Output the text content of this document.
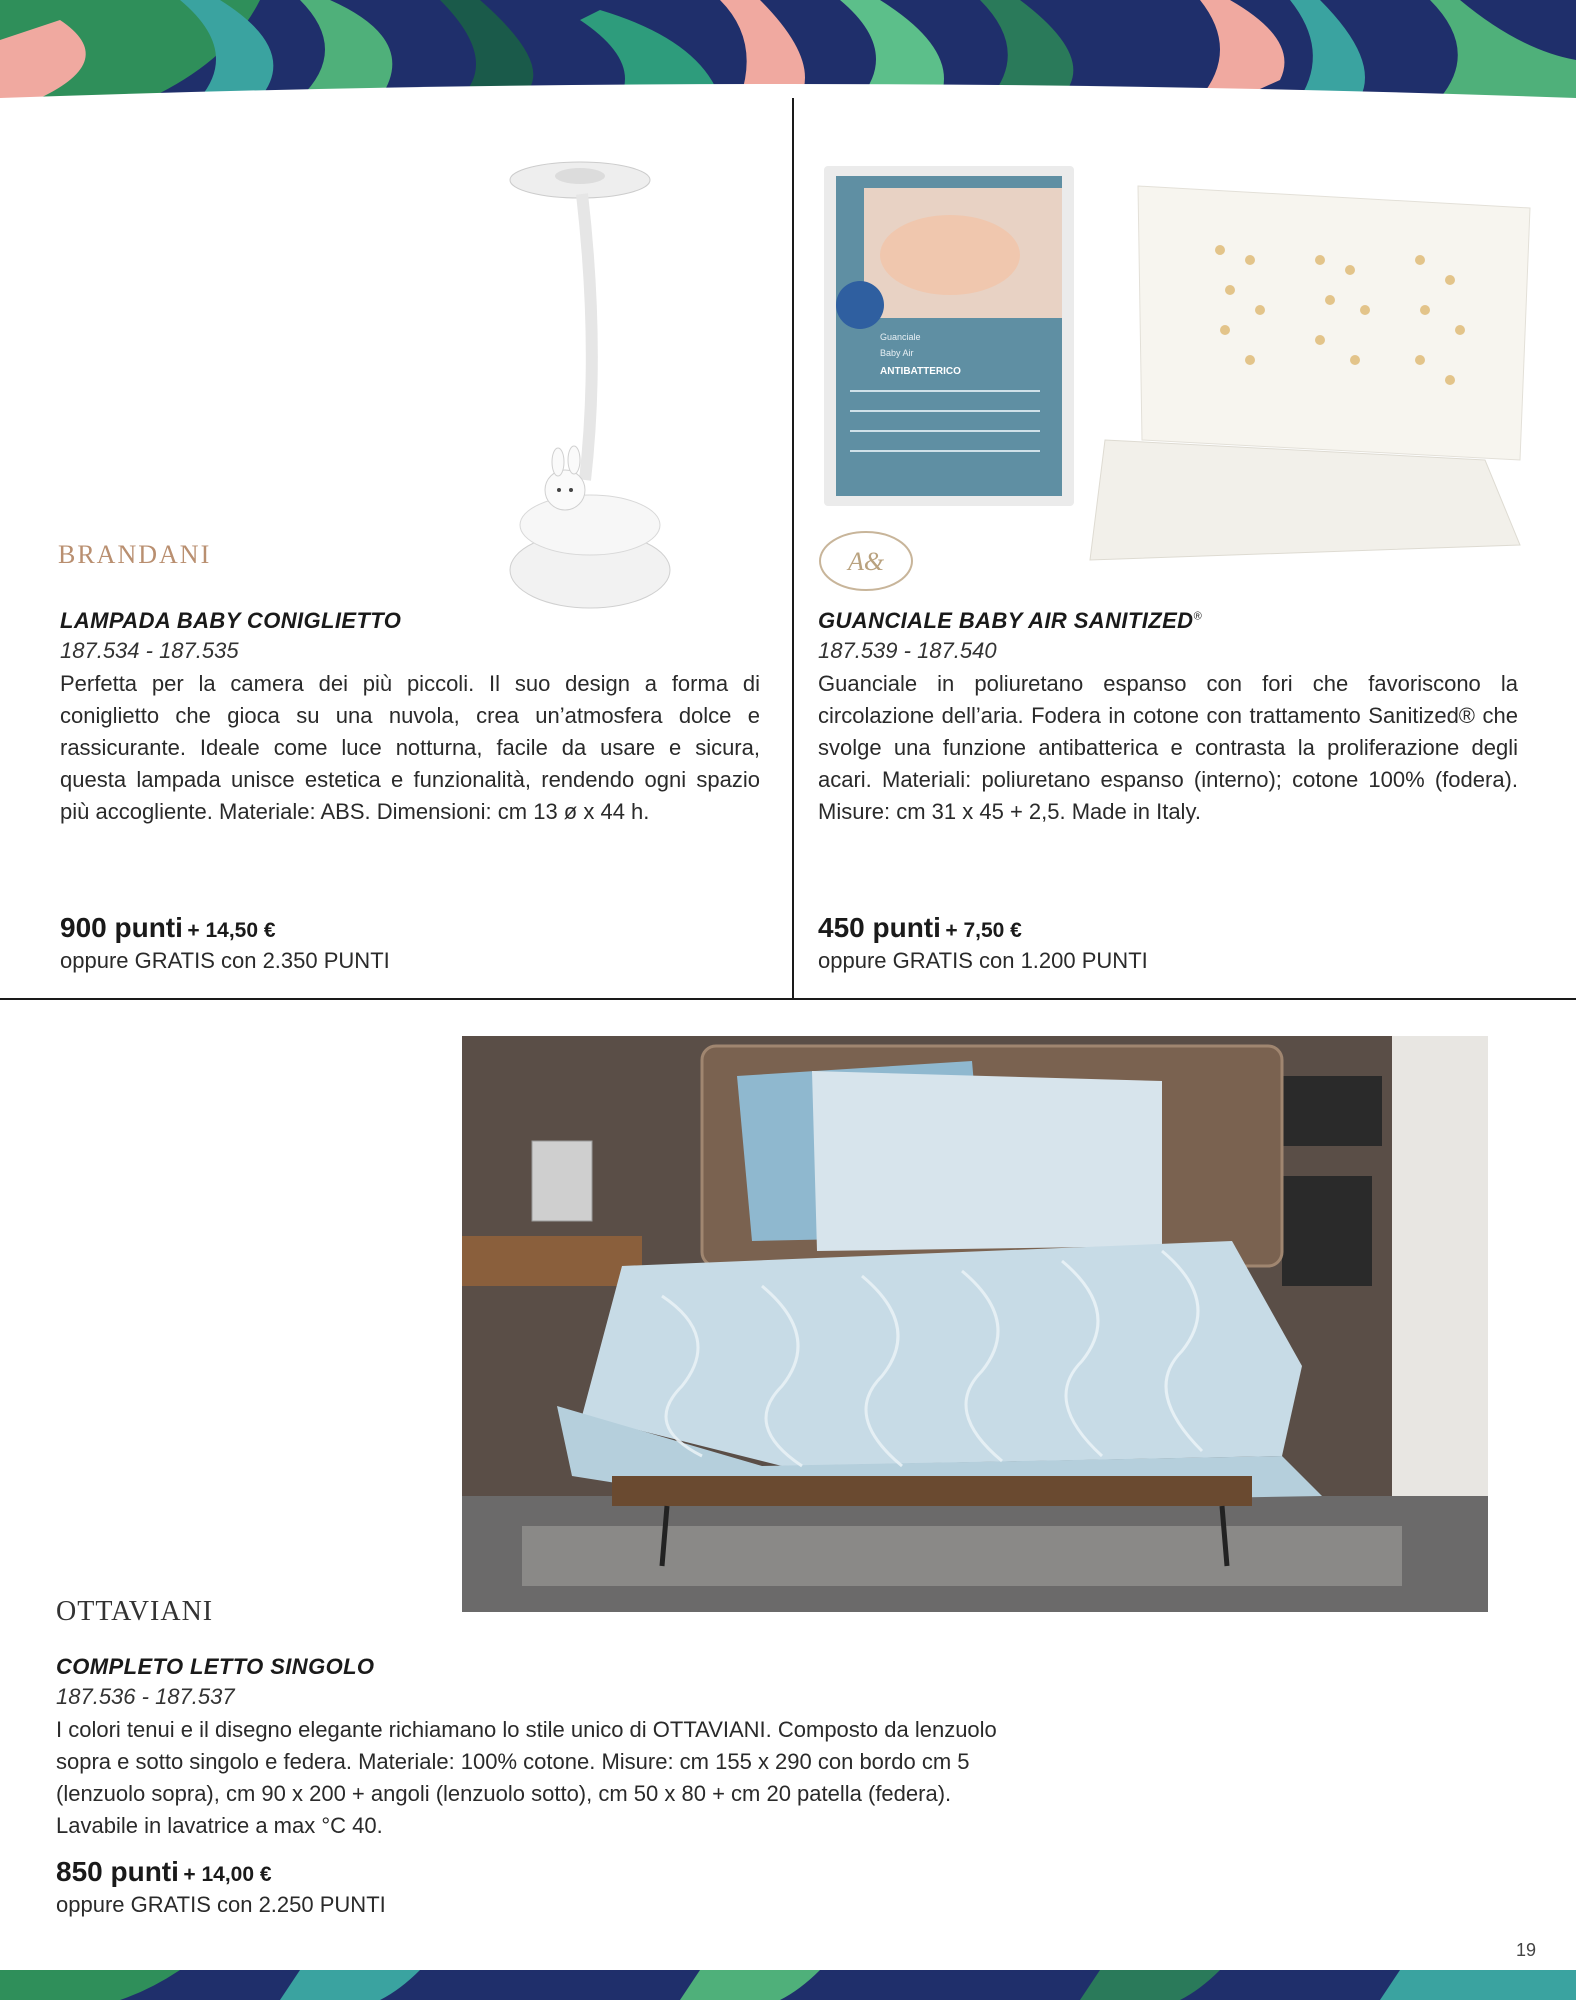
BRANDANI
LAMPADA BABY CONIGLIETTO
187.534 - 187.535

Perfetta per la camera dei più piccoli. Il suo design a forma di coniglietto che gioca su una nuvola, crea un’atmosfera dolce e rassicurante. Ideale come luce notturna, facile da usare e sicura, questa lampada unisce estetica e funzionalità, rendendo ogni spazio più accogliente. Materiale: ABS. Dimensioni: cm 13 ø x 44 h.

900 punti + 14,50 €
oppure GRATIS con 2.350 PUNTI
Guanciale
Baby Air
ANTIBATTERICO
A&
GUANCIALE BABY AIR SANITIZED®
187.539 - 187.540

Guanciale in poliuretano espanso con fori che favoriscono la circolazione dell’aria. Fodera in cotone con trattamento Sanitized® che svolge una funzione antibatterica e contrasta la proliferazione degli acari. Materiali: poliuretano espanso (interno); cotone 100% (fodera). Misure: cm 31 x 45 + 2,5. Made in Italy.

450 punti + 7,50 €
oppure GRATIS con 1.200 PUNTI
OTTAVIANI
COMPLETO LETTO SINGOLO
187.536 - 187.537

I colori tenui e il disegno elegante richiamano lo stile unico di OTTAVIANI. Composto da lenzuolo sopra e sotto singolo e federa. Materiale: 100% cotone. Misure: cm 155 x 290 con bordo cm 5 (lenzuolo sopra), cm 90 x 200 + angoli (lenzuolo sotto), cm 50 x 80 + cm 20 patella (federa). Lavabile in lavatrice a max °C 40.

850 punti + 14,00 €
oppure GRATIS con 2.250 PUNTI
19
